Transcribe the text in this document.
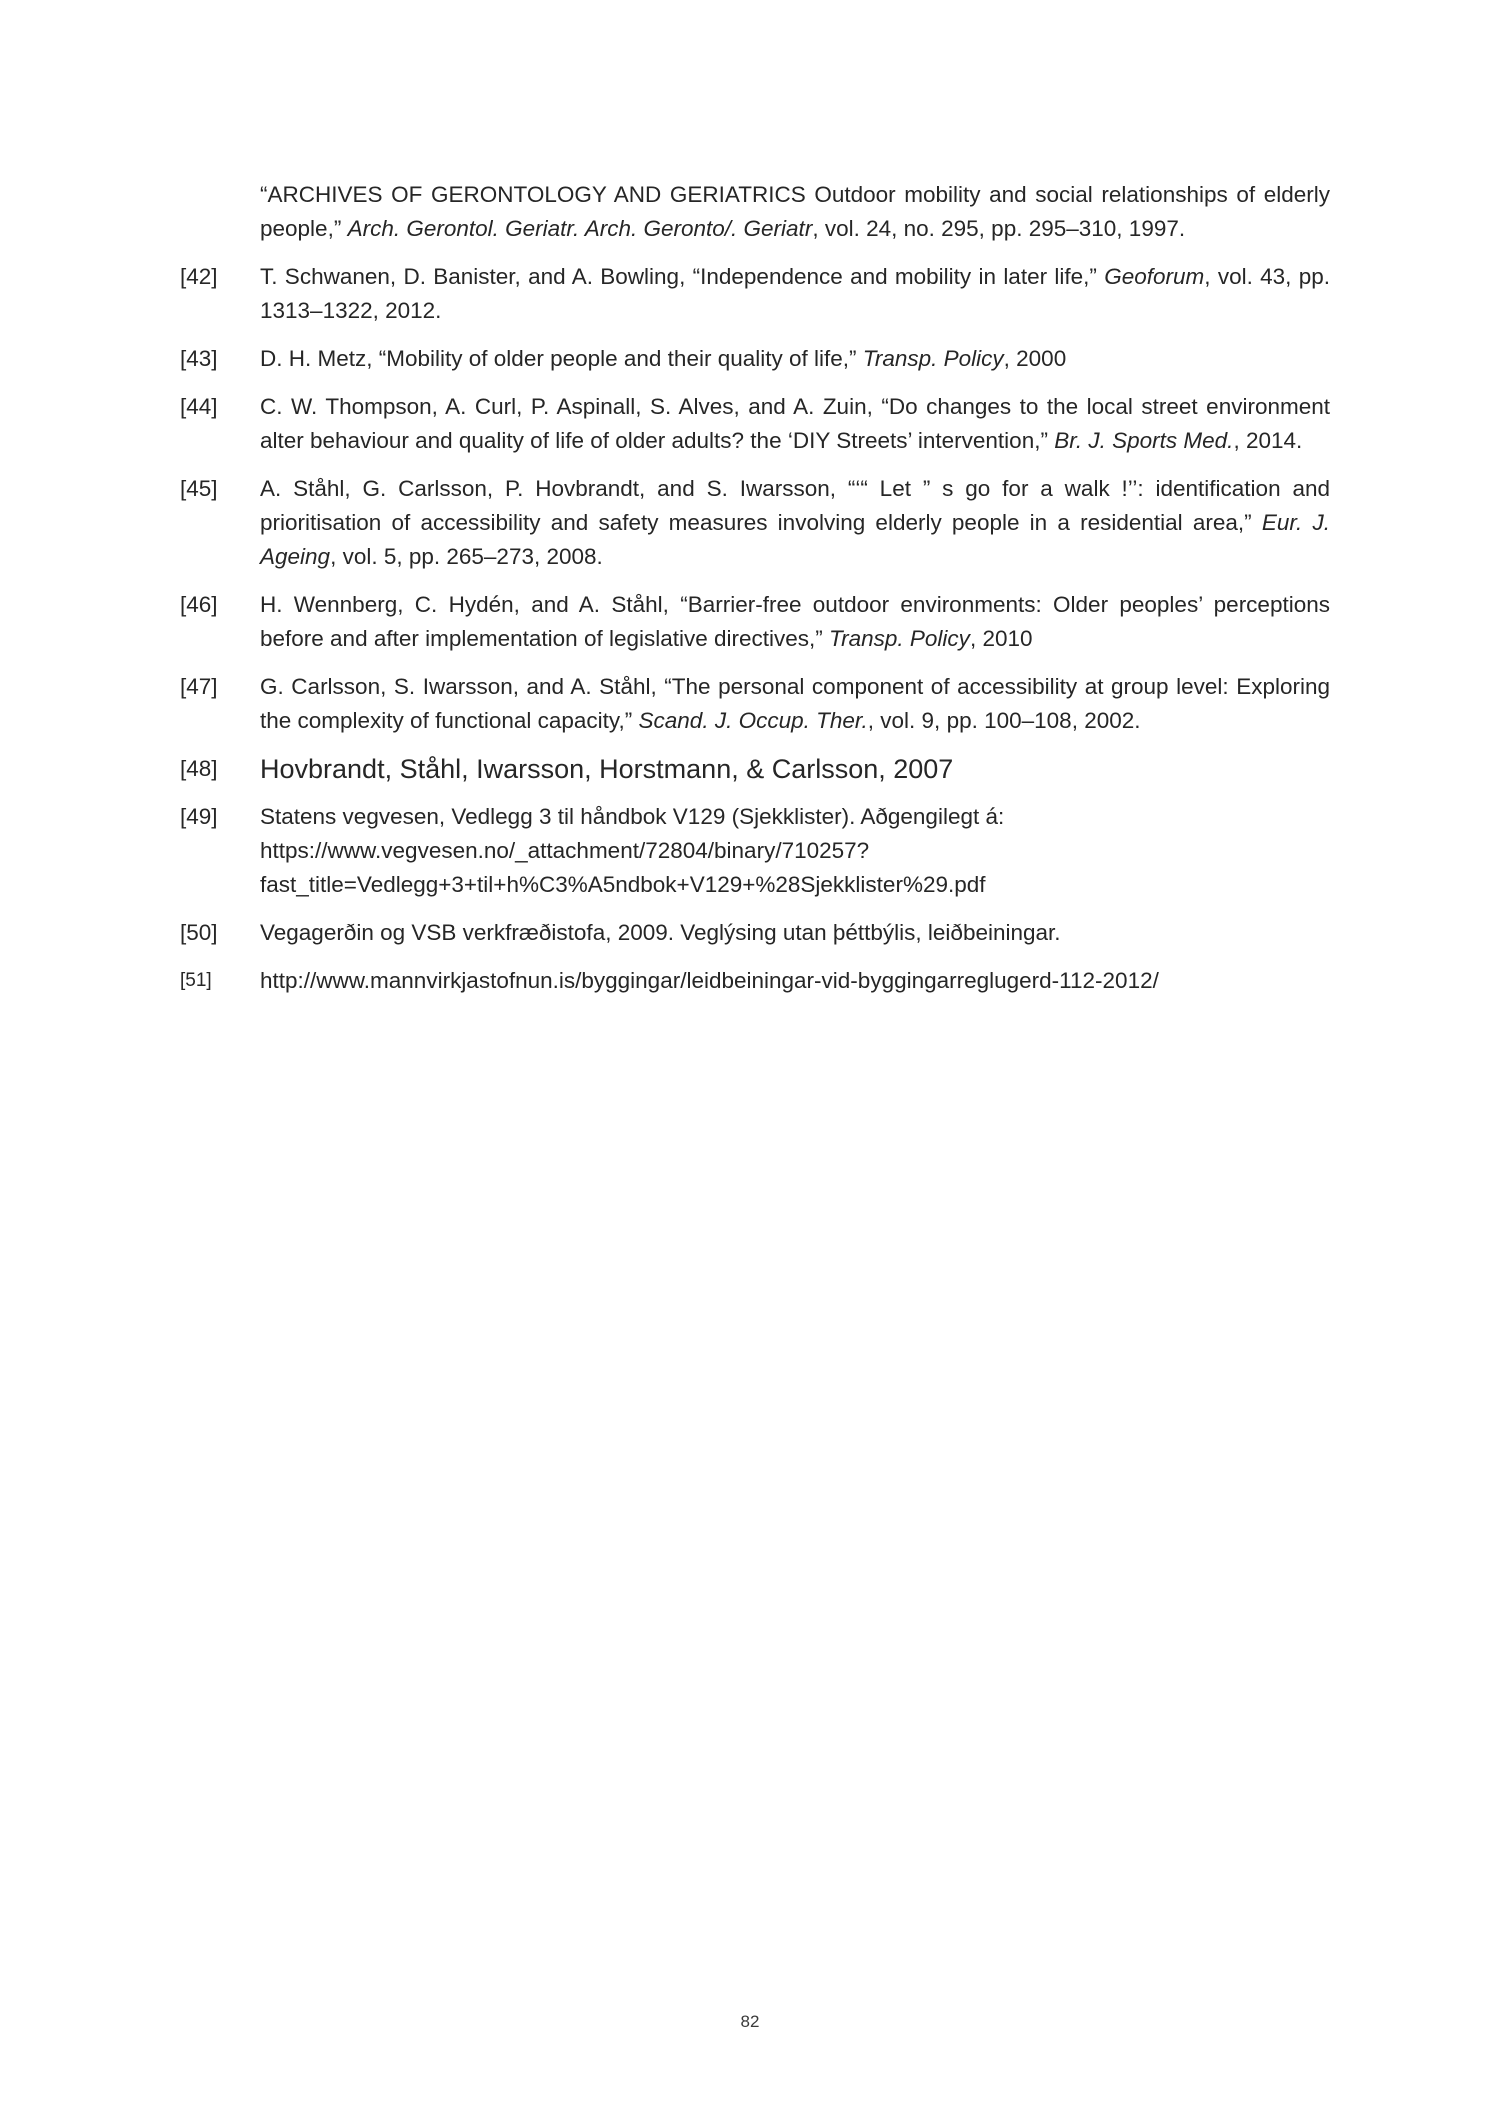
“ARCHIVES OF GERONTOLOGY AND GERIATRICS Outdoor mobility and social relationships of elderly people,” Arch. Gerontol. Geriatr. Arch. Geronto/. Geriatr, vol. 24, no. 295, pp. 295–310, 1997.
[42]	T. Schwanen, D. Banister, and A. Bowling, “Independence and mobility in later life,” Geoforum, vol. 43, pp. 1313–1322, 2012.
[43]	D. H. Metz, “Mobility of older people and their quality of life,” Transp. Policy, 2000
[44]	C. W. Thompson, A. Curl, P. Aspinall, S. Alves, and A. Zuin, “Do changes to the local street environment alter behaviour and quality of life of older adults? the ‘DIY Streets’ intervention,” Br. J. Sports Med., 2014.
[45]	A. Ståhl, G. Carlsson, P. Hovbrandt, and S. Iwarsson, “‘“ Let ” s go for a walk !’’: identification and prioritisation of accessibility and safety measures involving elderly people in a residential area,” Eur. J. Ageing, vol. 5, pp. 265–273, 2008.
[46]	H. Wennberg, C. Hydén, and A. Ståhl, “Barrier-free outdoor environments: Older peoples’ perceptions before and after implementation of legislative directives,” Transp. Policy, 2010
[47]	G. Carlsson, S. Iwarsson, and A. Ståhl, “The personal component of accessibility at group level: Exploring the complexity of functional capacity,” Scand. J. Occup. Ther., vol. 9, pp. 100–108, 2002.
[48]	Hovbrandt, Ståhl, Iwarsson, Horstmann, & Carlsson, 2007
[49]	Statens vegvesen, Vedlegg 3 til håndbok V129 (Sjekklister). Aðgengilegt á:
https://www.vegvesen.no/_attachment/72804/binary/710257?fast_title=Vedlegg+3+til+h%C3%A5ndbok+V129+%28Sjekklister%29.pdf
[50]	Vegagerðin og VSB verkfræðistofa, 2009. Veglýsing utan þéttbýlis, leiðbeiningar.
[51]	http://www.mannvirkjastofnun.is/byggingar/leidbeiningar-vid-byggingarreglugerd-112-2012/
82
